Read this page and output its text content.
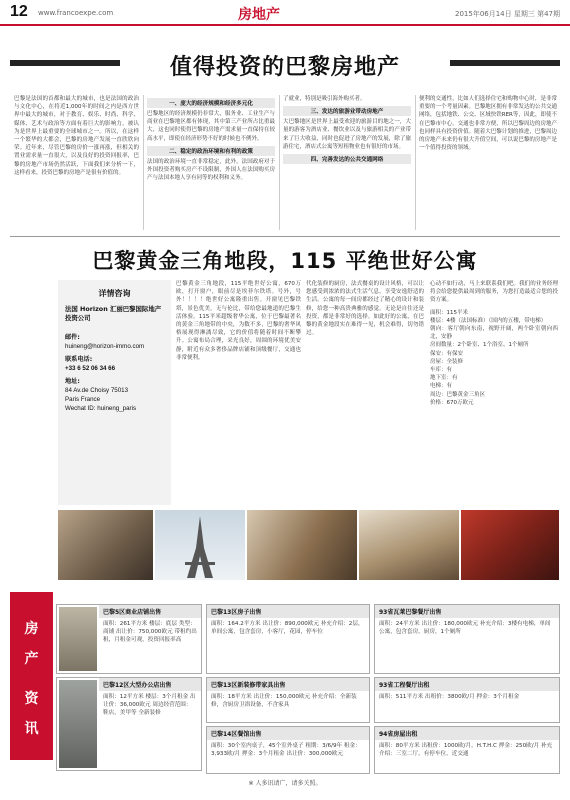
12 www.francoexpe.com	房地产	2015年06月14日 星期三 第47期
值得投资的巴黎房地产

巴黎是法国的首都和最大的城市，也是法国的政治与文化中心，在将近1,000年的时间之内是西方世界中最大的城市，对于教育、娱乐、时尚、科学、媒体、艺术与政治等方面有着巨大的影响力，被认为是世界上最重要的全球城市之一。所以，在这样一个繁华的大都会，巴黎的房地产发展一直欣欣向荣。近年来，尽管巴黎的房价一涨再涨，但相关的置业需求量一直很大，以及良好的投资回报率，巴黎的房地产市场仍然活跃，下面我们来分析一下，这样看来，投资巴黎的房地产是很有价值的。

一、庞大的经济规模和经济多元化

巴黎地区的经济规模仍非常大，服务业、工业生产与商业在巴黎地区都有体现，其中第三产业所占比重最大，这也同时使得巴黎的房地产需求量一直保持在较高水平，即使在经济形势不好的时候也不例外。

二、稳定的政治环境和有利的政策

法国的政治环境一直非常稳定，此外，法国政府对于外国投资者购买房产不设限制，外国人在法国购买房产与法国本地人享有同等的权利和义务。

了就业，特别是吸引海外购买者。

三、发达的旅游业带动房地产

大巴黎地区是世界上最受欢迎的旅游目的地之一，大量的游客为酒店业、餐饮业以及与旅游相关的产业带来了巨大收益，同时也促进了房地产的发展，除了旅游住宅，酒店式公寓等短租物业也有很好的市场。

四、完善发达的公共交通网络

便利的交通性，比如人们选择住宅和购物中心时，是非常重要的一个考量因素。巴黎地区拥有非常发达的公共交通网络，包括地铁、公交、区域快铁RER等，因此，即使不在巴黎市中心，交通也非常方便，所以巴黎周边的房地产也同样具有投资价值。随着大巴黎计划的推进，巴黎周边的房地产未来仍有很大升值空间，可以说巴黎的房地产是一个值得投资的领域。

巴黎黄金三角地段，115 平绝世好公寓
详情咨询
法国 Horizon 汇丽巴黎国际地产投资公司
邮件:
huineng@horizon-immo.com
联系电话:
+33 6 52 06 34 66
地址:
84 Av.de Choisy 75013
Paris France
Wechat ID: huineng_paris

巴黎黄金三角地段，115平绝世好公寓，670万欧，打开窗户，眼前尽是埃菲尔铁塔。号外，号外！！！！绝世好公寓隆重出售。开窗见巴黎铁塔，景色优美，无与伦比，带给您最地道的巴黎生活体验。115平米超级奢华公寓，位于巴黎最著名的黄金三角地带的中央，为数不多，巴黎的奢华风格展现得淋漓尽致，它的价值将随着时间不断攀升。公寓布局合理，采光良好，周围的环境优美安静，附近有众多奢侈品牌店铺和顶级餐厅，交通也非常便利。

代化装修的厨房，法式餐桌的设计风格，可以让您感受到浓浓的法式生活气息，享受安逸舒适的生活。公寓的每一间房都经过了精心的设计和装修，给您一种高贵典雅的感觉。无论是自住还是投资，都是非常好的选择。如此好的公寓，在巴黎的黄金地段实在难得一见，机会难得，切勿错过。

心动不如行动，马上来联系我们吧。我们的业务经理将会给您提供最周到的服务，为您打造最适合您的投资方案。

面积：115平米
楼层：4楼（法国标准）（国内的五楼，带电梯）
朝向：客厅朝向东南，视野开阔，两个卧室朝向西北，安静
房间数量：2个卧室、1个浴室、1个厕所
保安：有保安
房屋：全装修
车库：有
地下室：有
电梯：有
周边：巴黎黄金三角区
价格：670万欧元
房
产
资
讯
巴黎5区商业店铺出售
面积：261平方米 楼层：底层 类型：商铺 出让价：750,000欧元 带租约出租，月租金可观，投资回报率高
巴黎13区房子出售
面积：164.2平方米 出让价：890,000欧元 补充介绍：2层，单间公寓，包含套房，小客厅，花园，停车位
93省瓦莱巴黎餐厅出售
面积：24平方米 出让价：180,000欧元 补充介绍：3楼有电梯，单间公寓，包含套房，厨房，1个厕所
巴黎13区新装修带家具出售
面积：18平方米 出让价：150,000欧元 补充介绍：全新装修，含厨房卫浴设备，不含家具
巴黎12区大型办公店出售
面积：12平方米 楼层：3个月租金 出让价：36,000欧元 周边经营范围：鞋店，美甲等 全新装修
93省工程餐厅出租
面积：511平方米 出租价：3800欧/月 押金：3个月租金
巴黎14区餐馆出售
面积：30个室内桌子，45个室外桌子 租期：3/6/9年 租金：3,933欧/月 押金：3个月租金 出让价：300,000欧元
94省房屋出租
面积：80平方米 出租价：1000欧/月，H.T.H.C 押金：250欧/月 补充介绍：三室二厅，有停车位，近交通
※ 人多讯请广，请多关照。
